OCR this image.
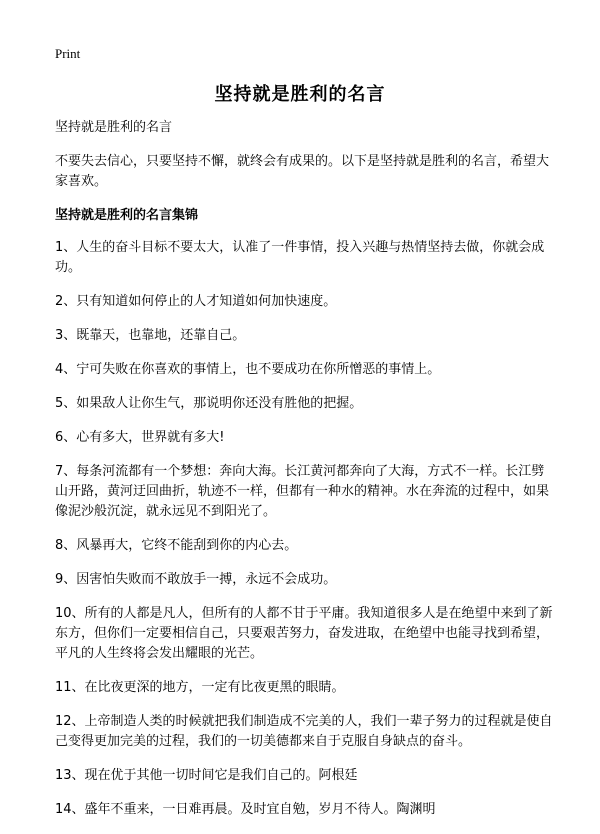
Print
坚持就是胜利的名言

坚持就是胜利的名言

不要失去信心，只要坚持不懈，就终会有成果的。以下是坚持就是胜利的名言，希望大家喜欢。

坚持就是胜利的名言集锦

1、人生的奋斗目标不要太大，认准了一件事情，投入兴趣与热情坚持去做，你就会成功。

2、只有知道如何停止的人才知道如何加快速度。

3、既靠天，也靠地，还靠自己。

4、宁可失败在你喜欢的事情上，也不要成功在你所憎恶的事情上。

5、如果敌人让你生气，那说明你还没有胜他的把握。

6、心有多大，世界就有多大!

7、每条河流都有一个梦想：奔向大海。长江黄河都奔向了大海，方式不一样。长江劈山开路，黄河迂回曲折，轨迹不一样，但都有一种水的精神。水在奔流的过程中，如果像泥沙般沉淀，就永远见不到阳光了。

8、风暴再大，它终不能刮到你的内心去。

9、因害怕失败而不敢放手一搏，永远不会成功。

10、所有的人都是凡人，但所有的人都不甘于平庸。我知道很多人是在绝望中来到了新东方，但你们一定要相信自己，只要艰苦努力，奋发进取，在绝望中也能寻找到希望，平凡的人生终将会发出耀眼的光芒。

11、在比夜更深的地方，一定有比夜更黑的眼睛。

12、上帝制造人类的时候就把我们制造成不完美的人，我们一辈子努力的过程就是使自己变得更加完美的过程，我们的一切美德都来自于克服自身缺点的奋斗。

13、现在优于其他一切时间它是我们自己的。阿根廷

14、盛年不重来，一日难再晨。及时宜自勉，岁月不待人。陶渊明
